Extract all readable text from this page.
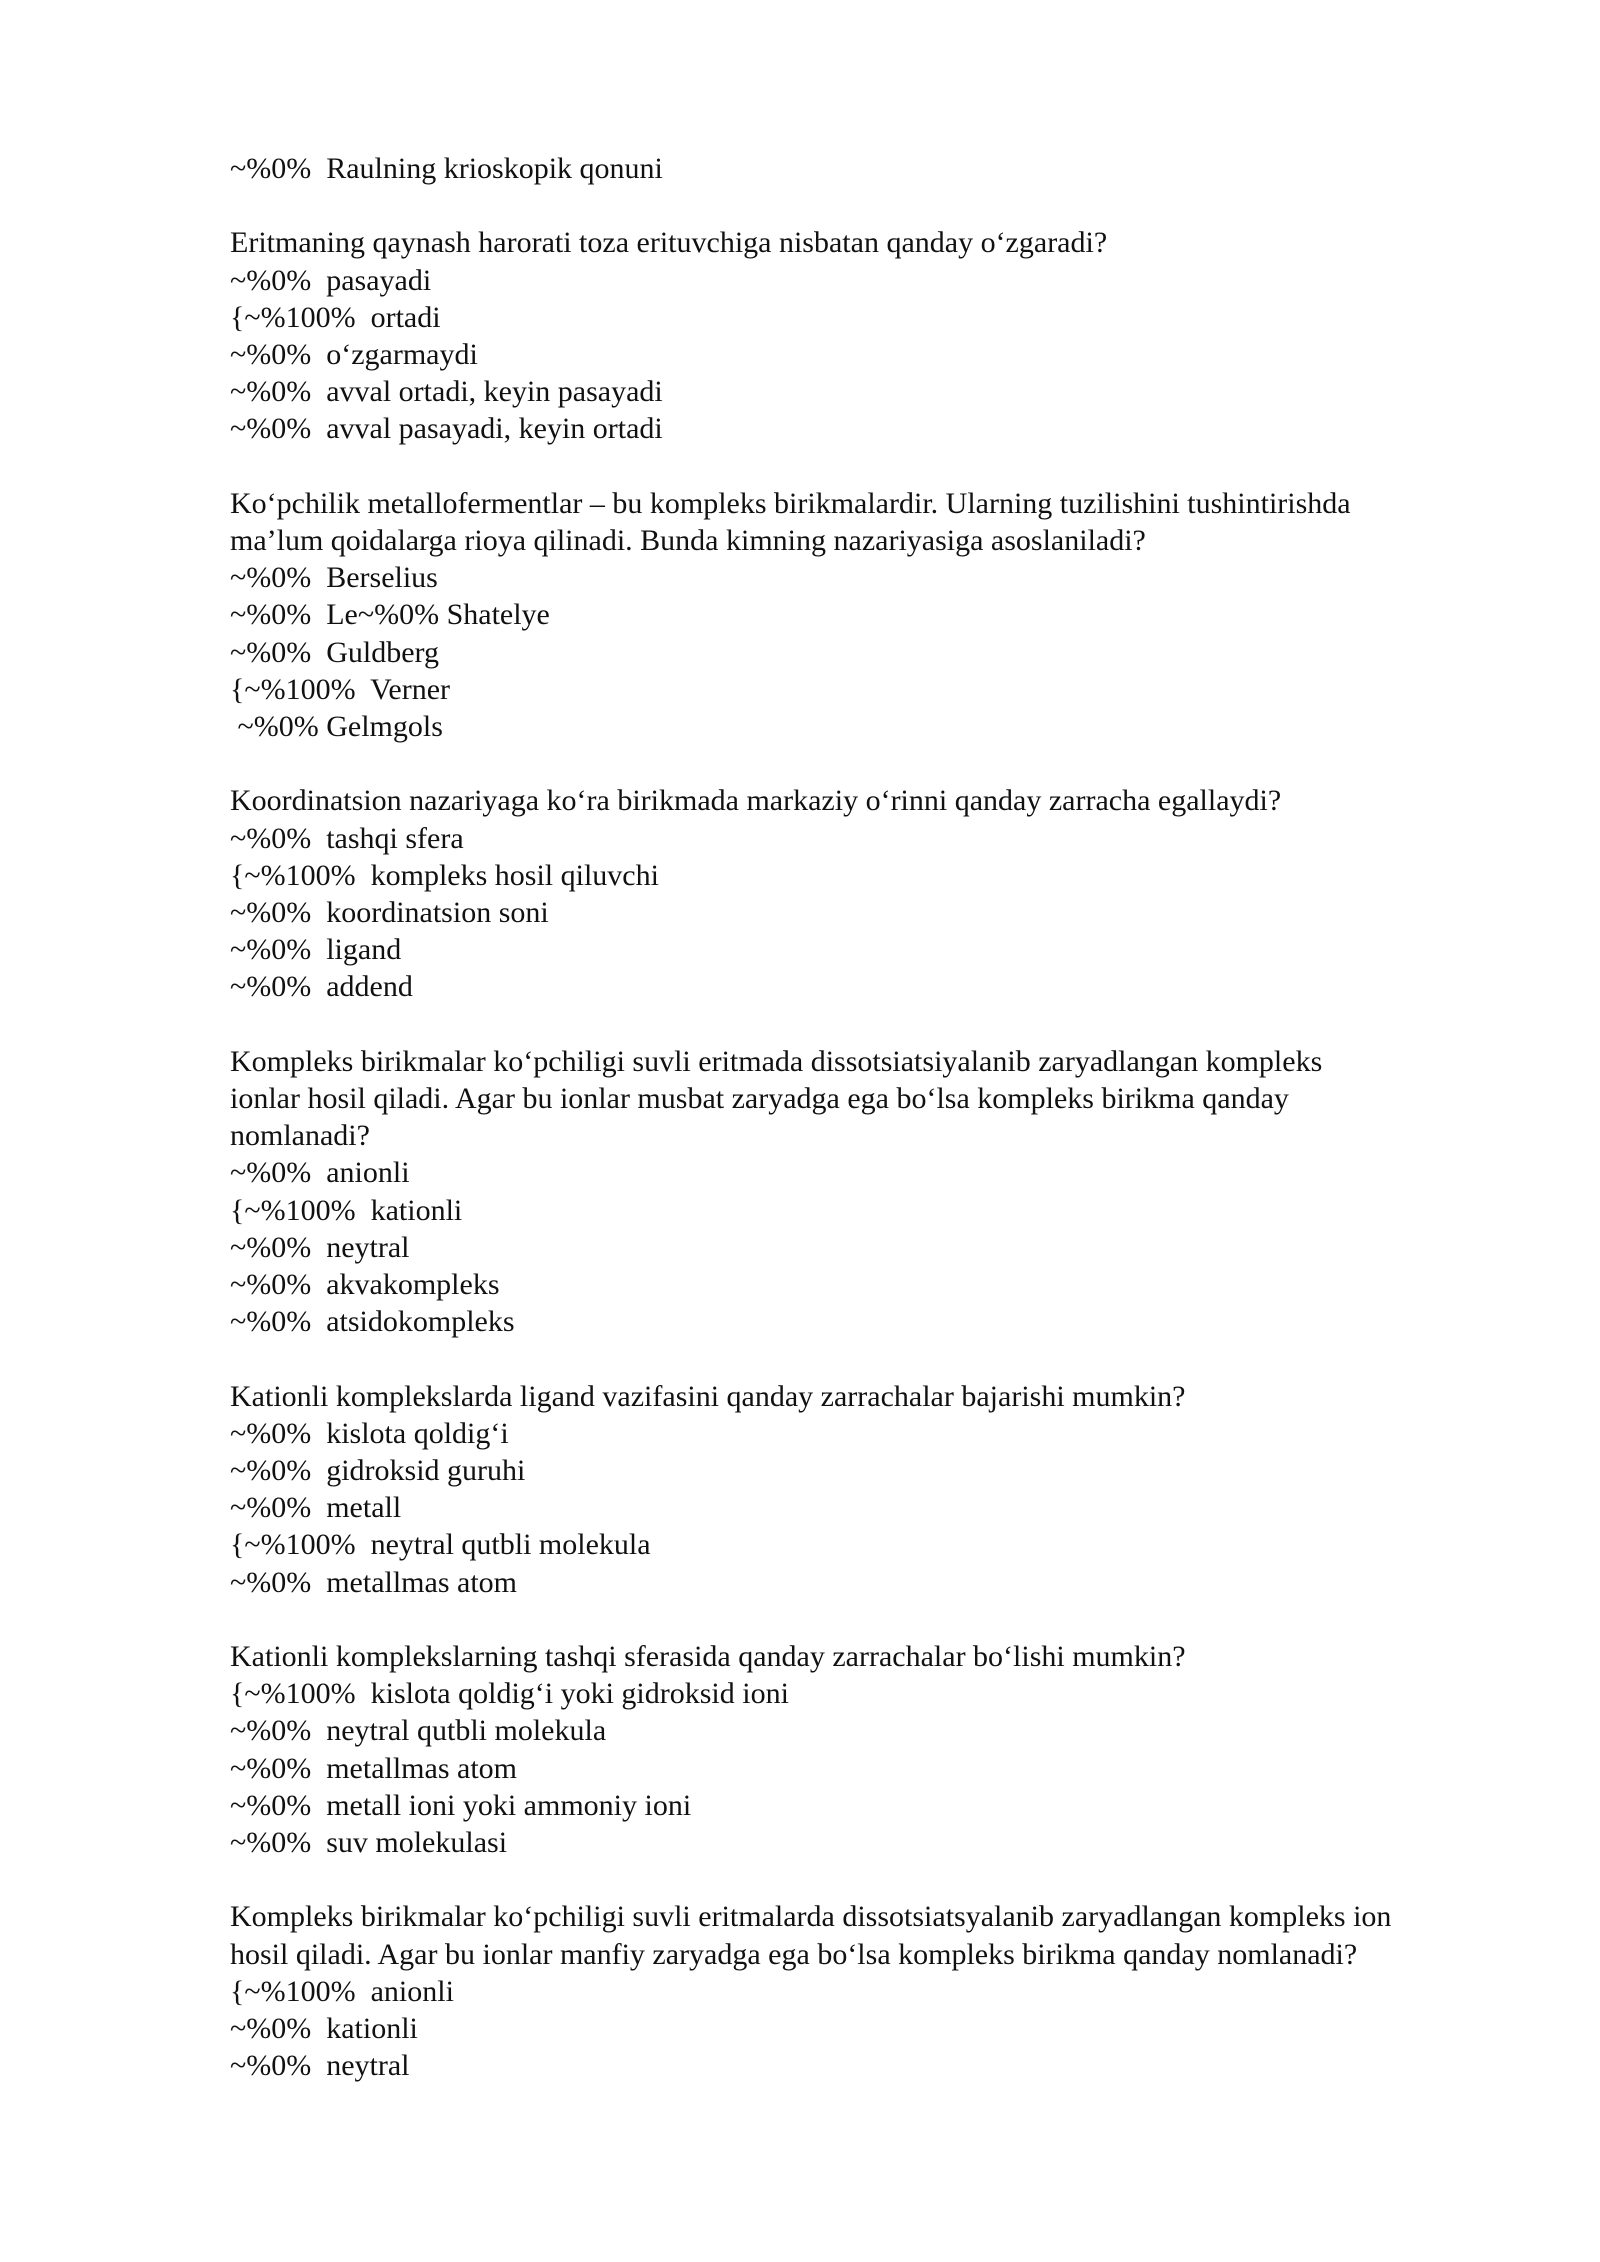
~%0%  Raulning krioskopik qonuni
Eritmaning qaynash harorati toza erituvchiga nisbatan qanday o‘zgaradi?
~%0%  pasayadi
{~%100%  ortadi
~%0%  o‘zgarmaydi
~%0%  avval ortadi, keyin pasayadi
~%0%  avval pasayadi, keyin ortadi
Ko‘pchilik metallofermentlar – bu kompleks birikmalardir. Ularning tuzilishini tushintirishda
ma’lum qoidalarga rioya qilinadi. Bunda kimning nazariyasiga asoslaniladi?
~%0%  Berselius
~%0%  Le~%0% Shatelye
~%0%  Guldberg
{~%100%  Verner
~%0% Gelmgols
Koordinatsion nazariyaga ko‘ra birikmada markaziy o‘rinni qanday zarracha egallaydi?
~%0%  tashqi sfera
{~%100%  kompleks hosil qiluvchi
~%0%  koordinatsion soni
~%0%  ligand
~%0%  addend
Kompleks birikmalar ko‘pchiligi suvli eritmada dissotsiatsiyalanib zaryadlangan kompleks
ionlar hosil qiladi. Agar bu ionlar musbat zaryadga ega bo‘lsa kompleks birikma qanday
nomlanadi?
~%0%  anionli
{~%100%  kationli
~%0%  neytral
~%0%  akvakompleks
~%0%  atsidokompleks
Kationli komplekslarda ligand vazifasini qanday zarrachalar bajarishi mumkin?
~%0%  kislota qoldig‘i
~%0%  gidroksid guruhi
~%0%  metall
{~%100%  neytral qutbli molekula
~%0%  metallmas atom
Kationli komplekslarning tashqi sferasida qanday zarrachalar bo‘lishi mumkin?
{~%100%  kislota qoldig‘i yoki gidroksid ioni
~%0%  neytral qutbli molekula
~%0%  metallmas atom
~%0%  metall ioni yoki ammoniy ioni
~%0%  suv molekulasi
Kompleks birikmalar ko‘pchiligi suvli eritmalarda dissotsiatsyalanib zaryadlangan kompleks ion
hosil qiladi. Agar bu ionlar manfiy zaryadga ega bo‘lsa kompleks birikma qanday nomlanadi?
{~%100%  anionli
~%0%  kationli
~%0%  neytral
